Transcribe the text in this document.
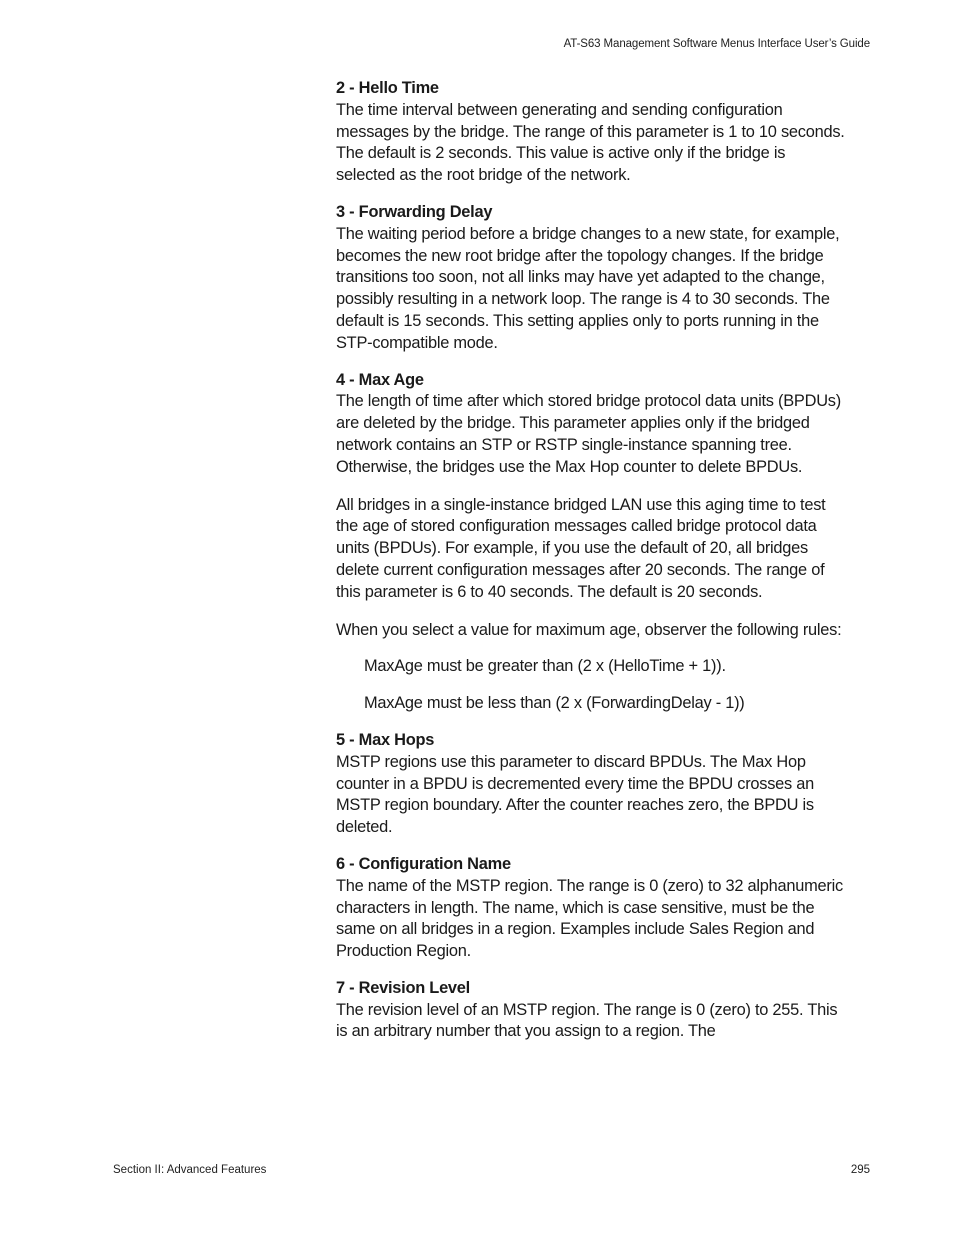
AT-S63 Management Software Menus Interface User’s Guide

2 - Hello Time

The time interval between generating and sending configuration messages by the bridge. The range of this parameter is 1 to 10 seconds. The default is 2 seconds. This value is active only if the bridge is selected as the root bridge of the network.

3 - Forwarding Delay

The waiting period before a bridge changes to a new state, for example, becomes the new root bridge after the topology changes. If the bridge transitions too soon, not all links may have yet adapted to the change, possibly resulting in a network loop. The range is 4 to 30 seconds. The default is 15 seconds. This setting applies only to ports running in the STP-compatible mode.

4 - Max Age

The length of time after which stored bridge protocol data units (BPDUs) are deleted by the bridge. This parameter applies only if the bridged network contains an STP or RSTP single-instance spanning tree. Otherwise, the bridges use the Max Hop counter to delete BPDUs.

All bridges in a single-instance bridged LAN use this aging time to test the age of stored configuration messages called bridge protocol data units (BPDUs). For example, if you use the default of 20, all bridges delete current configuration messages after 20 seconds. The range of this parameter is 6 to 40 seconds. The default is 20 seconds.

When you select a value for maximum age, observer the following rules:

MaxAge must be greater than (2 x (HelloTime + 1)).

MaxAge must be less than (2 x (ForwardingDelay - 1))

5 - Max Hops

MSTP regions use this parameter to discard BPDUs. The Max Hop counter in a BPDU is decremented every time the BPDU crosses an MSTP region boundary. After the counter reaches zero, the BPDU is deleted.

6 - Configuration Name

The name of the MSTP region. The range is 0 (zero) to 32 alphanumeric characters in length. The name, which is case sensitive, must be the same on all bridges in a region. Examples include Sales Region and Production Region.

7 - Revision Level

The revision level of an MSTP region. The range is 0 (zero) to 255. This is an arbitrary number that you assign to a region. The

Section II: Advanced Features	295
